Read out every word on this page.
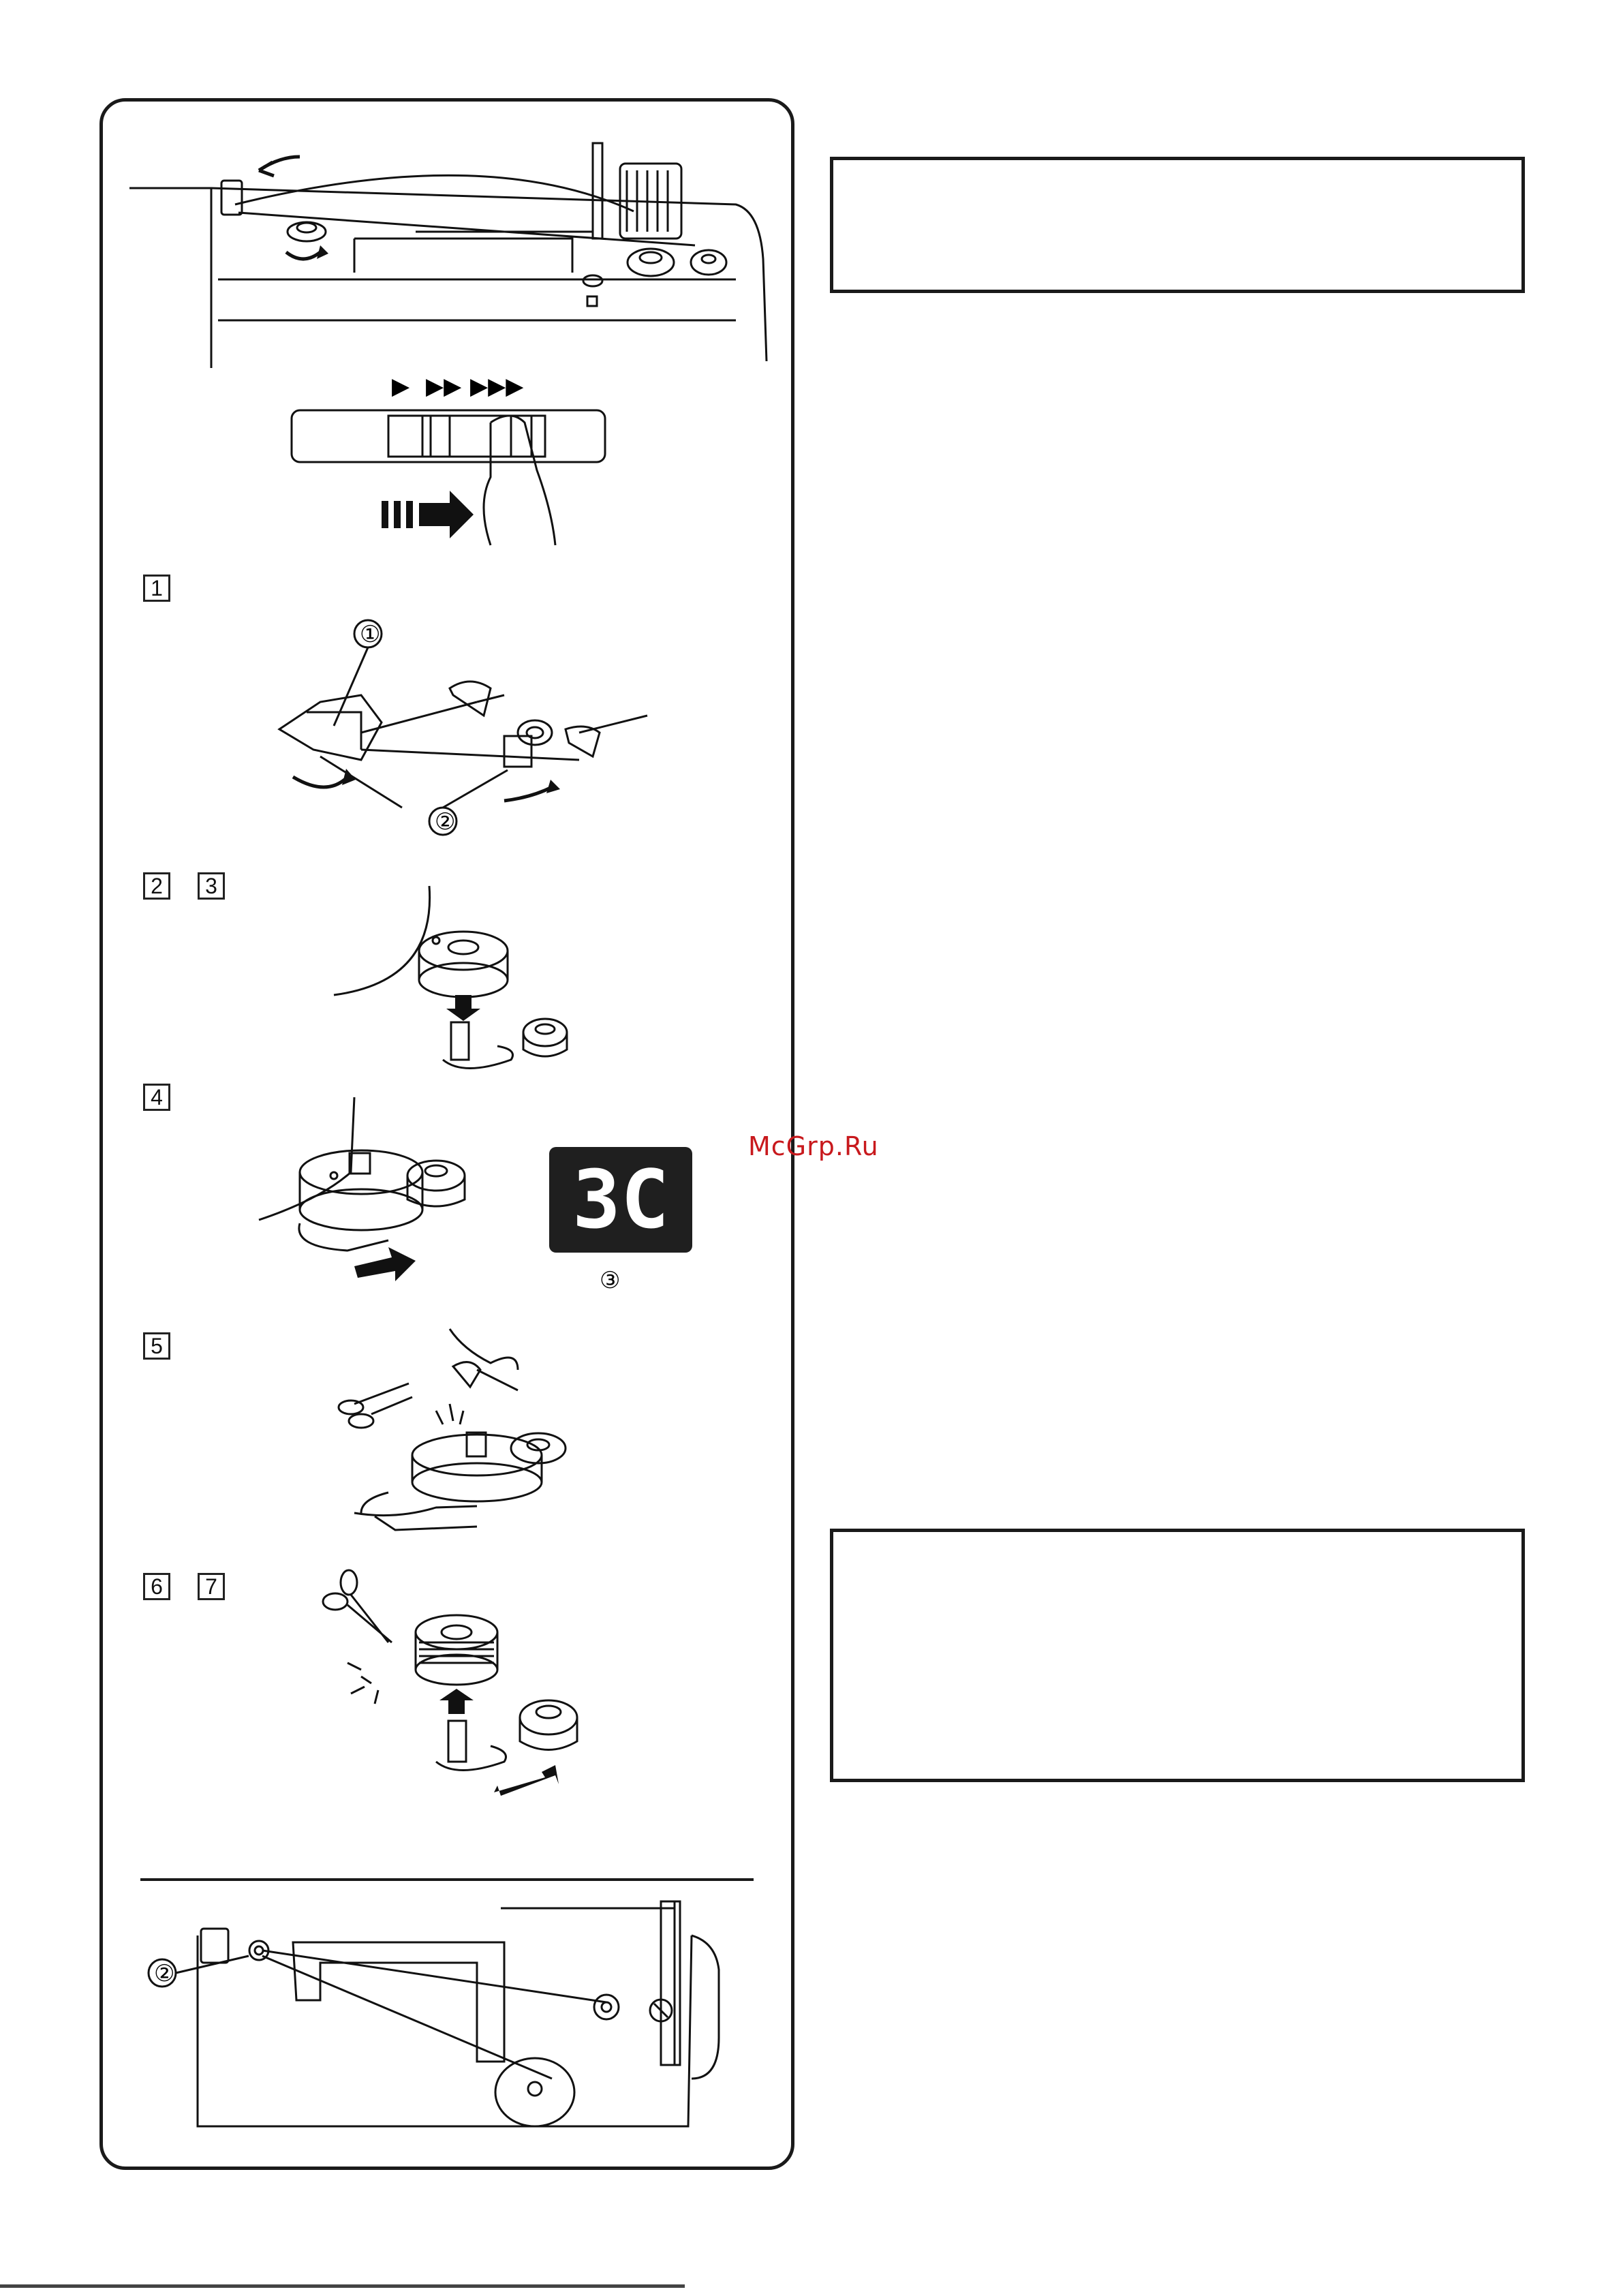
▶ ▶▶ ▶▶▶
1
①
②
2	3
4
3C
③
5
6	7
②
McGrp.Ru
